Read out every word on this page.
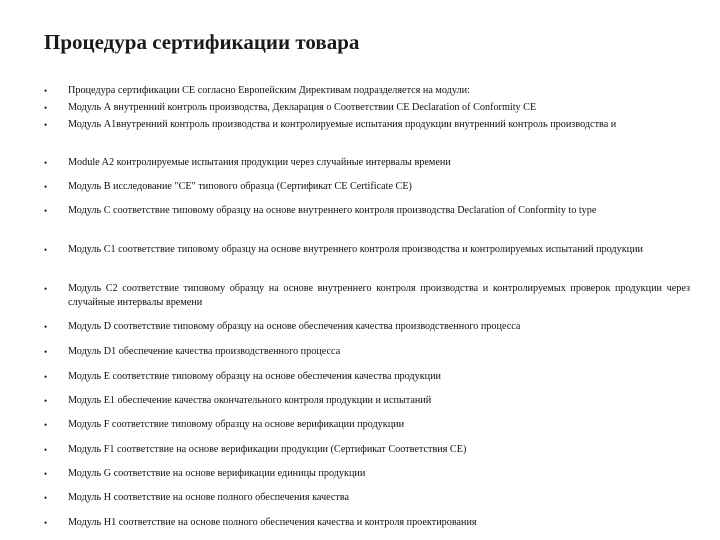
Процедура сертификации товара
• Процедура сертификации СЕ согласно Европейским Директивам подразделяется на модули:
• Модуль А внутренний контроль производства, Декларация о Соответствии CE Declaration of Conformity CE
• Модуль А1внутренний контроль производства и контролируемые испытания продукции внутренний контроль производства и
• Module A2 контролируемые испытания продукции через случайные интервалы времени
• Модуль В исследование "CE" типового образца (Сертификат CE Certificate CE)
• Модуль С соответствие типовому образцу на основе внутреннего контроля производства Declaration of Conformity to type
• Модуль С1 соответствие типовому образцу на основе внутреннего контроля производства и контролируемых испытаний продукции
• Модуль С2 соответствие типовому образцу на основе внутреннего контроля производства и контролируемых проверок продукции через случайные интервалы времени
• Модуль D соответствие типовому образцу на основе обеспечения качества производственного процесса
• Модуль D1 обеспечение качества производственного процесса
• Модуль Е соответствие типовому образцу на основе обеспечения качества продукции
• Модуль Е1 обеспечение качества окончательного контроля продукции и испытаний
• Модуль F соответствие типовому образцу на основе верификации продукции
• Модуль F1 соответствие на основе верификации продукции (Сертификат Соответствия СЕ)
• Модуль G соответствие на основе верификации единицы продукции
• Модуль Н соответствие на основе полного обеспечения качества
• Модуль Н1 соответствие на основе полного обеспечения качества и контроля проектирования
